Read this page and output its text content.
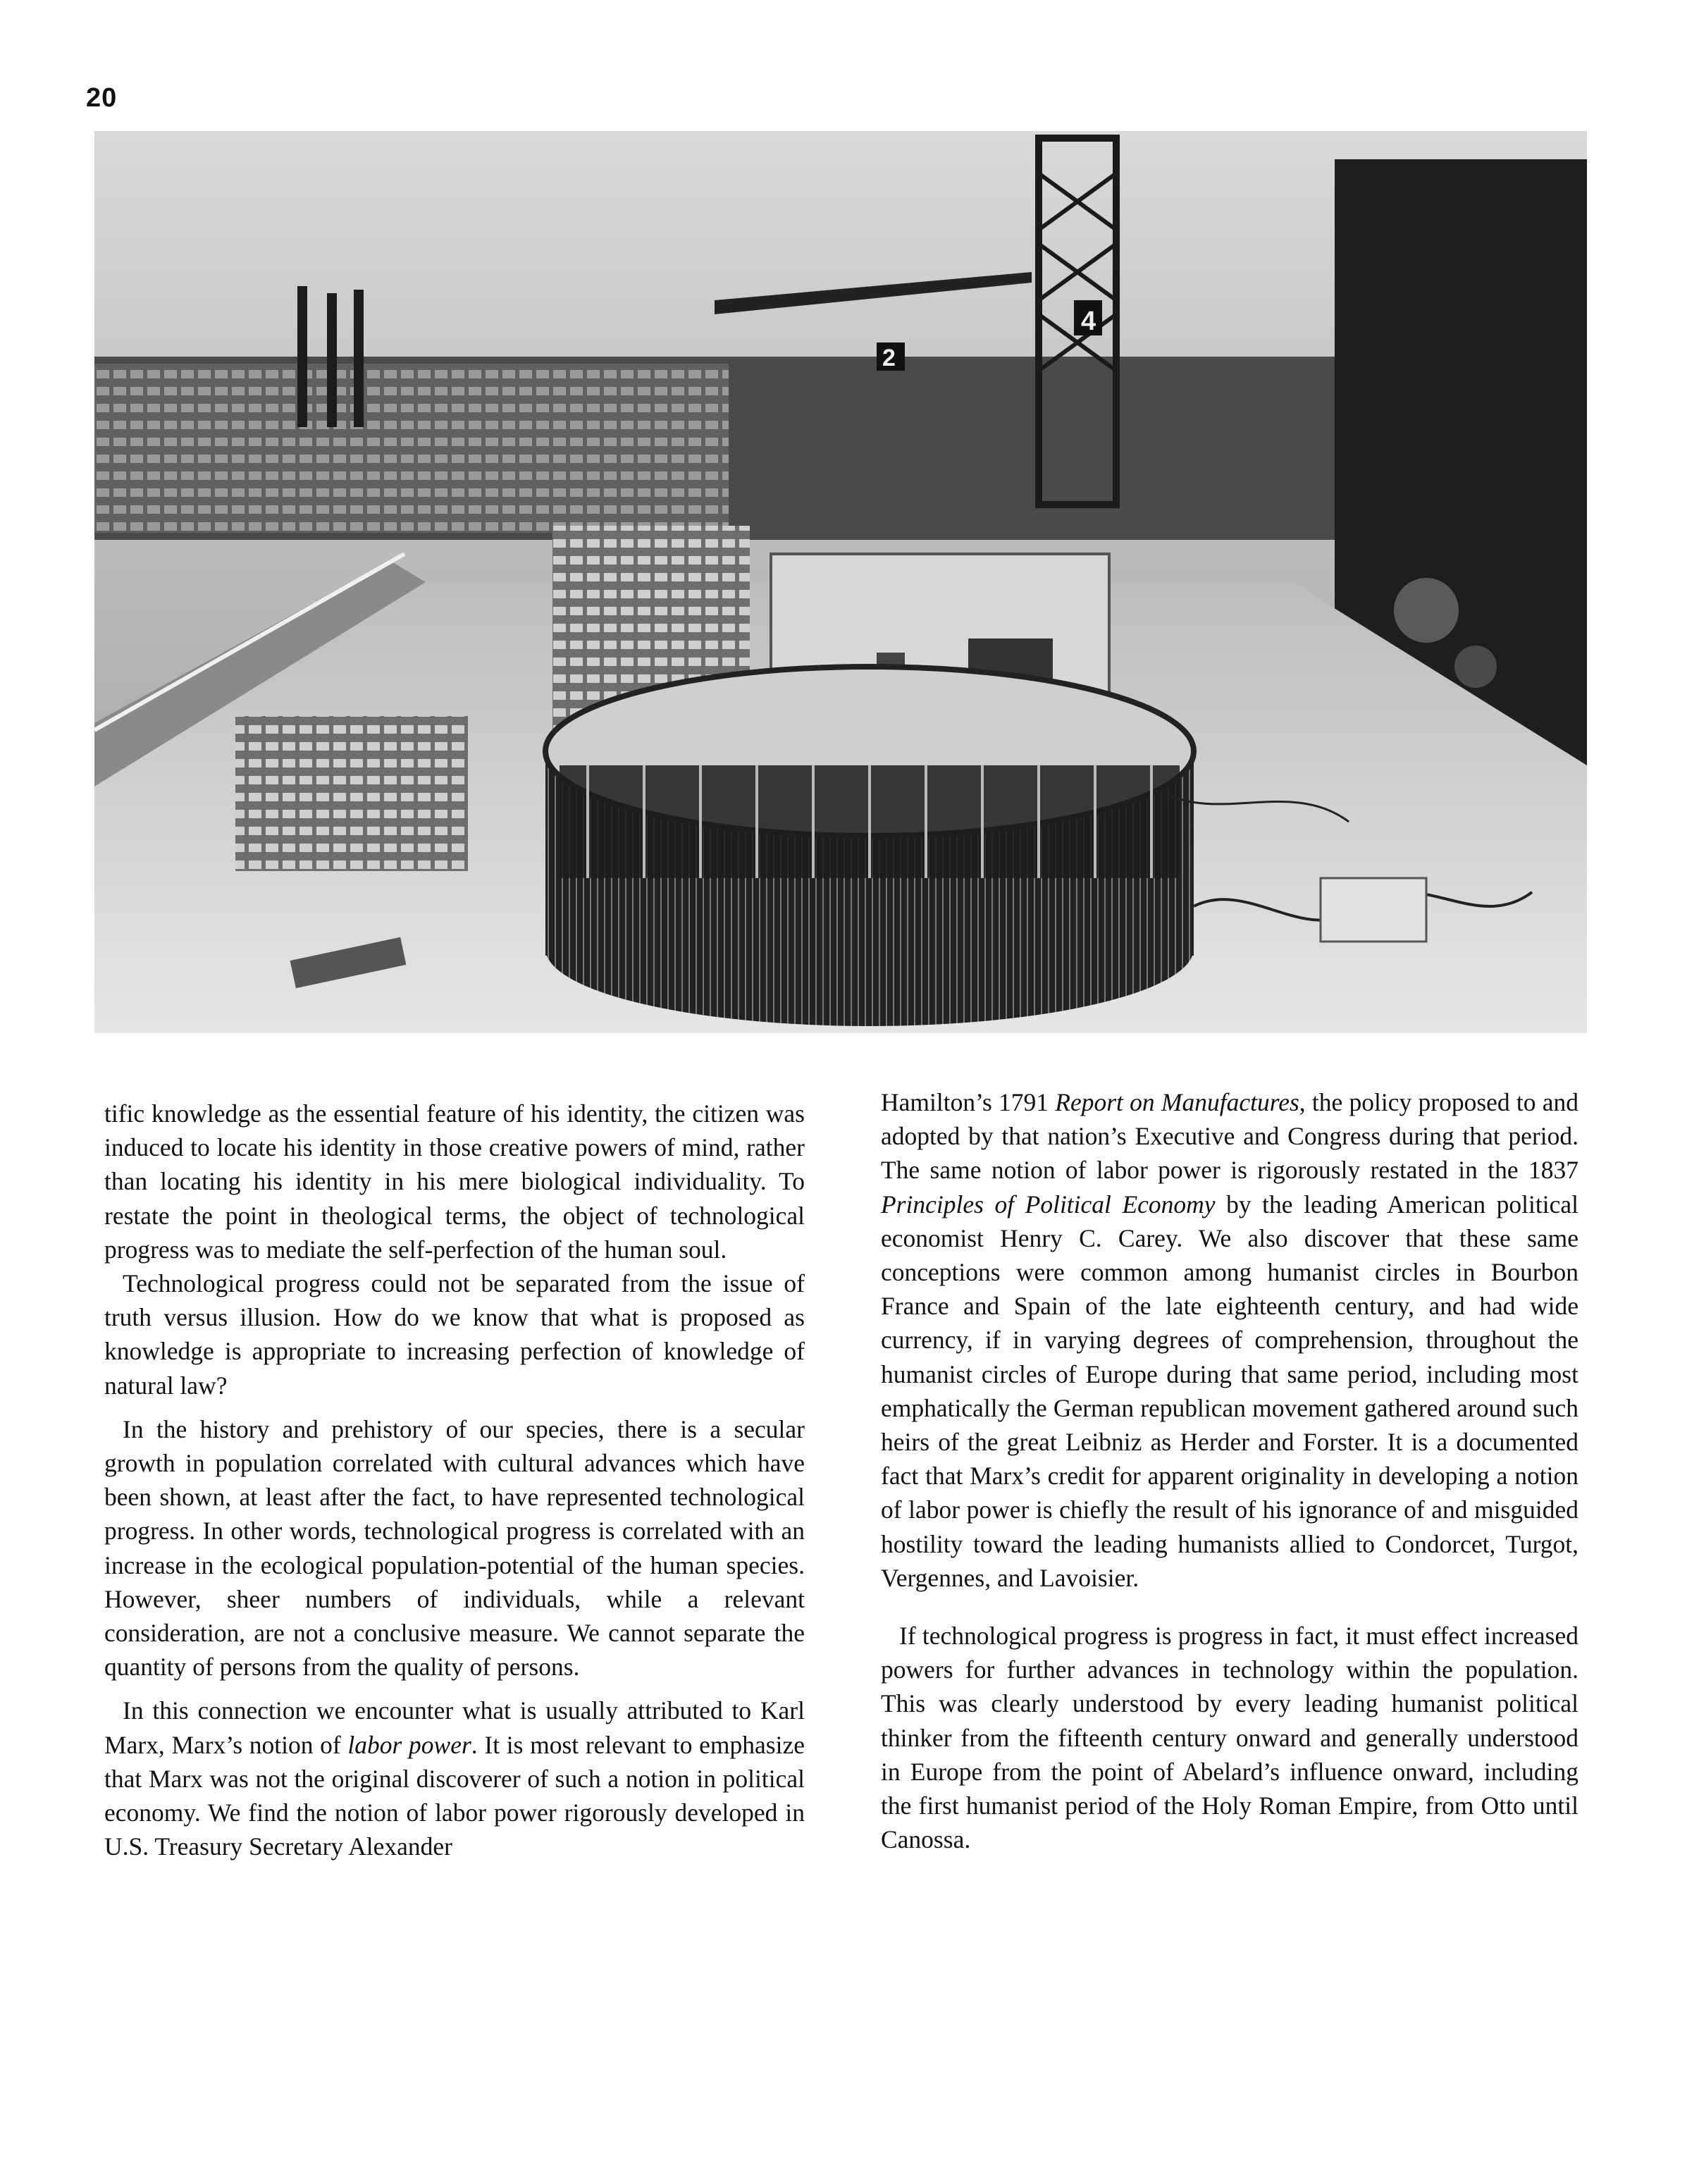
20
4
2

tific knowledge as the essential feature of his identity, the citizen was induced to locate his identity in those creative powers of mind, rather than locating his identity in his mere biological individuality. To restate the point in theological terms, the object of technological progress was to mediate the self-perfection of the human soul.

Technological progress could not be separated from the issue of truth versus illusion. How do we know that what is proposed as knowledge is appropriate to increasing perfection of knowledge of natural law?

In the history and prehistory of our species, there is a secular growth in population correlated with cultural advances which have been shown, at least after the fact, to have represented technological progress. In other words, technological progress is correlated with an increase in the ecological population-potential of the human species. However, sheer numbers of individuals, while a relevant consideration, are not a conclusive measure. We cannot separate the quantity of persons from the quality of persons.

In this connection we encounter what is usually attributed to Karl Marx, Marx’s notion of labor power. It is most relevant to emphasize that Marx was not the original discoverer of such a notion in political economy. We find the notion of labor power rigorously developed in U.S. Treasury Secretary Alexander

Hamilton’s 1791 Report on Manufactures, the policy proposed to and adopted by that nation’s Executive and Congress during that period. The same notion of labor power is rigorously restated in the 1837 Principles of Political Economy by the leading American political economist Henry C. Carey. We also discover that these same conceptions were common among humanist circles in Bourbon France and Spain of the late eighteenth century, and had wide currency, if in varying degrees of comprehension, throughout the humanist circles of Europe during that same period, including most emphatically the German republican movement gathered around such heirs of the great Leibniz as Herder and Forster. It is a documented fact that Marx’s credit for apparent originality in developing a notion of labor power is chiefly the result of his ignorance of and misguided hostility toward the leading humanists allied to Condorcet, Turgot, Vergennes, and Lavoisier.

If technological progress is progress in fact, it must effect increased powers for further advances in technology within the population. This was clearly understood by every leading humanist political thinker from the fifteenth century onward and generally understood in Europe from the point of Abelard’s influence onward, including the first humanist period of the Holy Roman Empire, from Otto until Canossa.
